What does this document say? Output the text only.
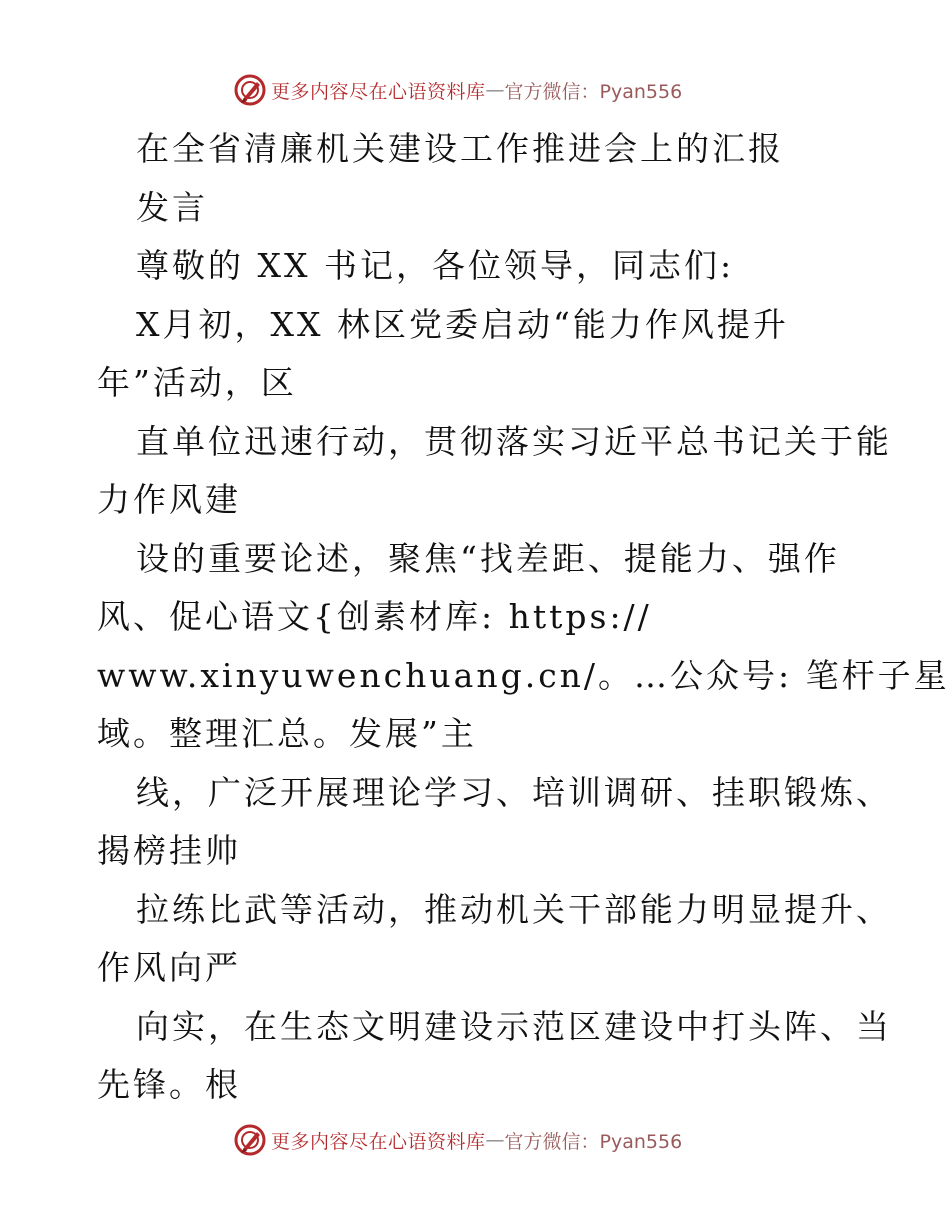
更多内容尽在心语资料库 — 官方微信：Pyan556
在全省清廉机关建设工作推进会上的汇报
发言
尊敬的 XX 书记，各位领导，同志们:
X月初，XX 林区党委启动“能力作风提升
年”活动，区
直单位迅速行动，贯彻落实习近平总书记关于能
力作风建
设的重要论述，聚焦“找差距、提能力、强作
风、促心语文{创素材库: https://
www.xinyuwenchuang.cn/。…公众号: 笔杆子星
域。整理汇总。发展”主
线，广泛开展理论学习、培训调研、挂职锻炼、
揭榜挂帅
拉练比武等活动，推动机关干部能力明显提升、
作风向严
向实，在生态文明建设示范区建设中打头阵、当
先锋。根
更多内容尽在心语资料库 — 官方微信：Pyan556
